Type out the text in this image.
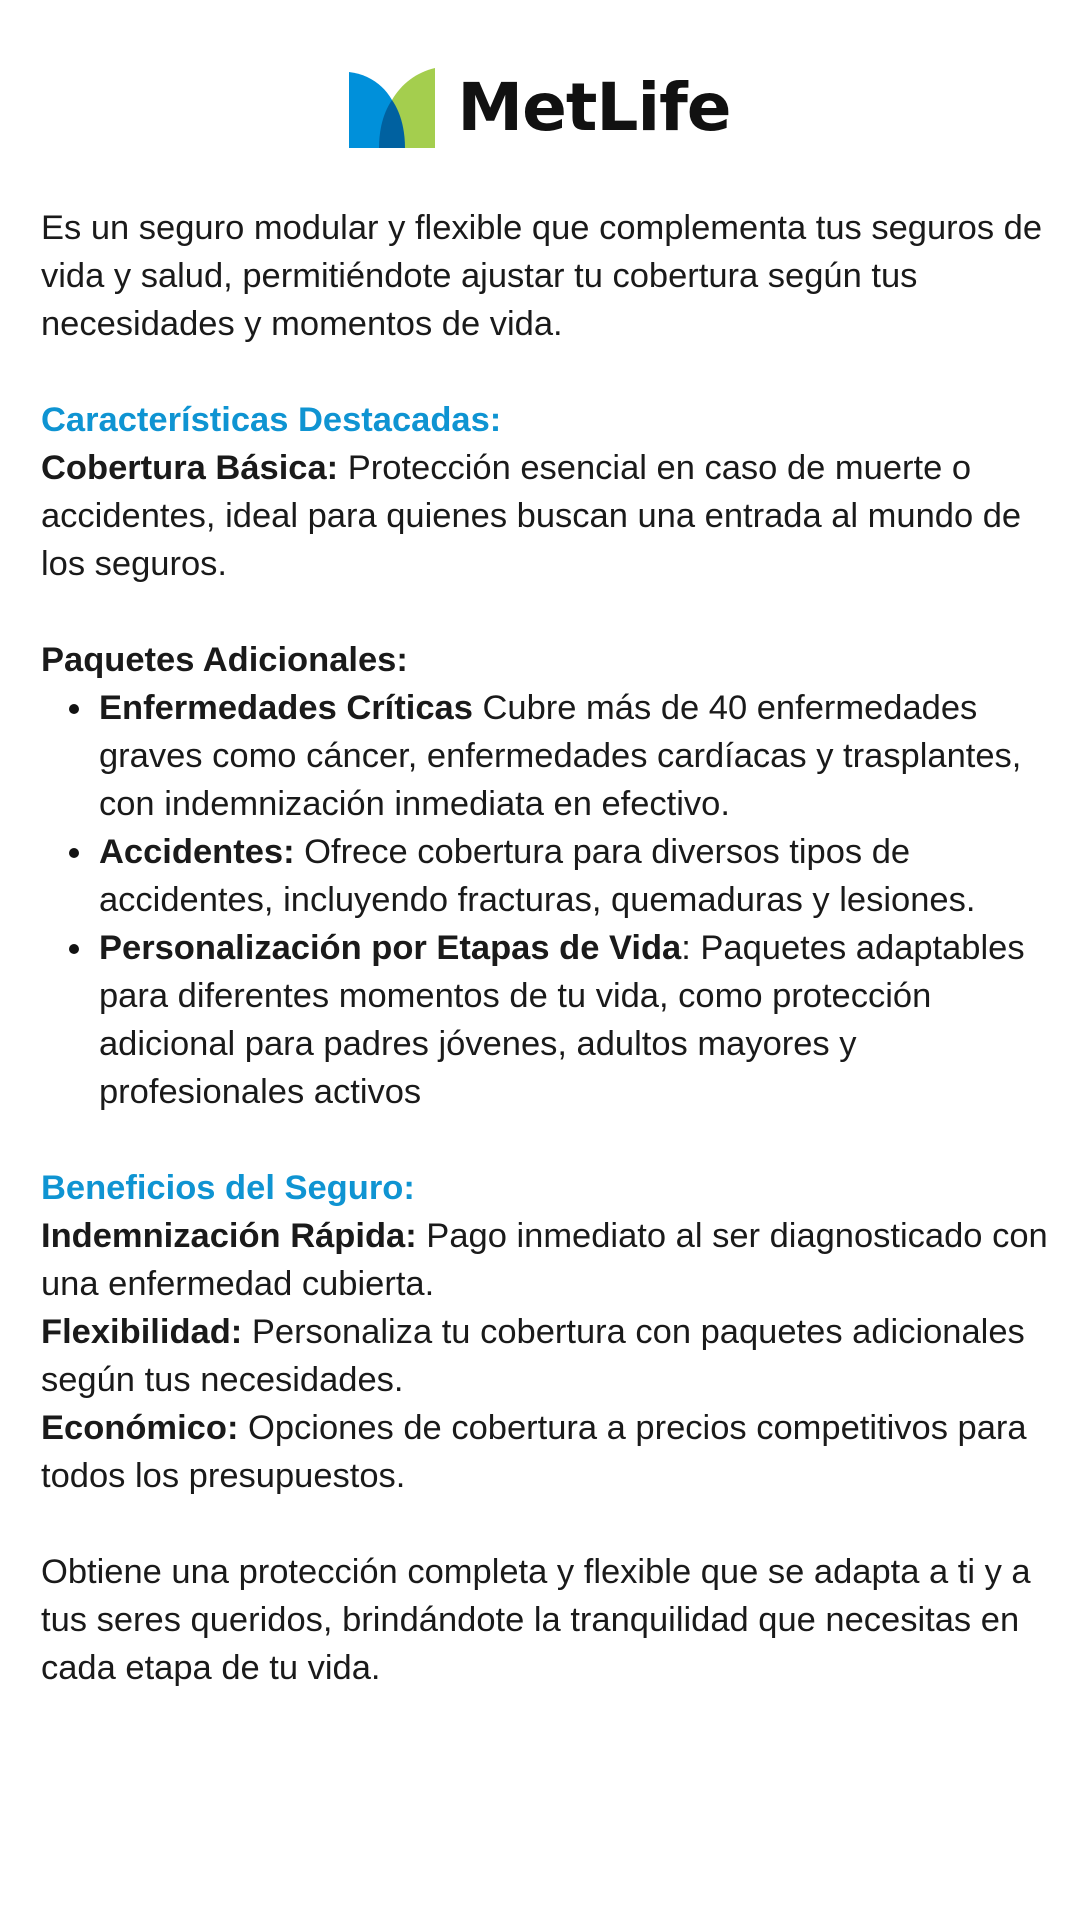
MetLife

Es un seguro modular y flexible que complementa tus seguros de vida y salud, permitiéndote ajustar tu cobertura según tus necesidades y momentos de vida.

Características Destacadas:

Cobertura Básica: Protección esencial en caso de muerte o accidentes, ideal para quienes buscan una entrada al mundo de los seguros.

Paquetes Adicionales:

Enfermedades Críticas Cubre más de 40 enfermedades graves como cáncer, enfermedades cardíacas y trasplantes, con indemnización inmediata en efectivo.
Accidentes: Ofrece cobertura para diversos tipos de accidentes, incluyendo fracturas, quemaduras y lesiones.
Personalización por Etapas de Vida: Paquetes adaptables para diferentes momentos de tu vida, como protección adicional para padres jóvenes, adultos mayores y profesionales activos

Beneficios del Seguro:

Indemnización Rápida: Pago inmediato al ser diagnosticado con una enfermedad cubierta.

Flexibilidad: Personaliza tu cobertura con paquetes adicionales según tus necesidades.

Económico: Opciones de cobertura a precios competitivos para todos los presupuestos.

Obtiene una protección completa y flexible que se adapta a ti y a tus seres queridos, brindándote la tranquilidad que necesitas en cada etapa de tu vida.
